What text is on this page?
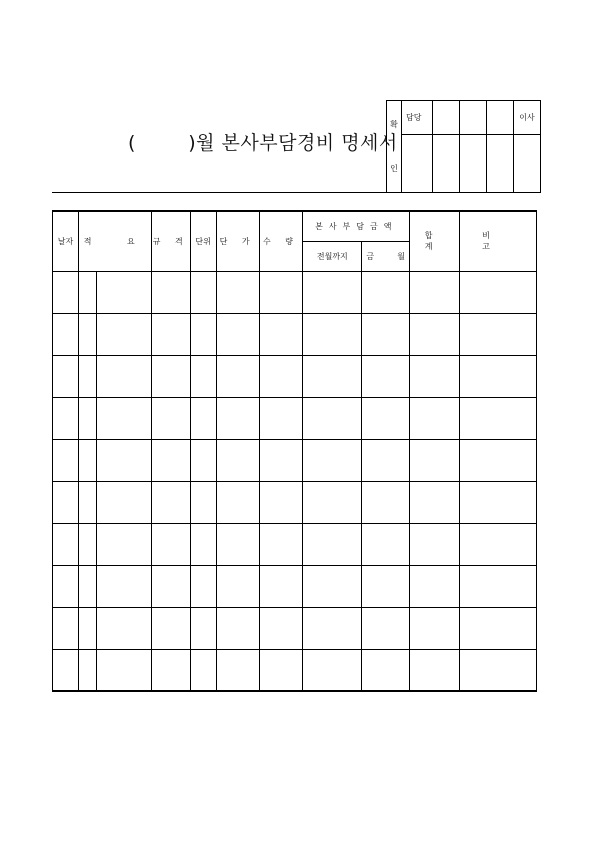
(        )월 본사부담경비 명세서
확
인	담당				이사

날자	적	요	규 격	단위	단 가	수 량	본사부담금액		합 계	비 고
							전월까지	금 월		
